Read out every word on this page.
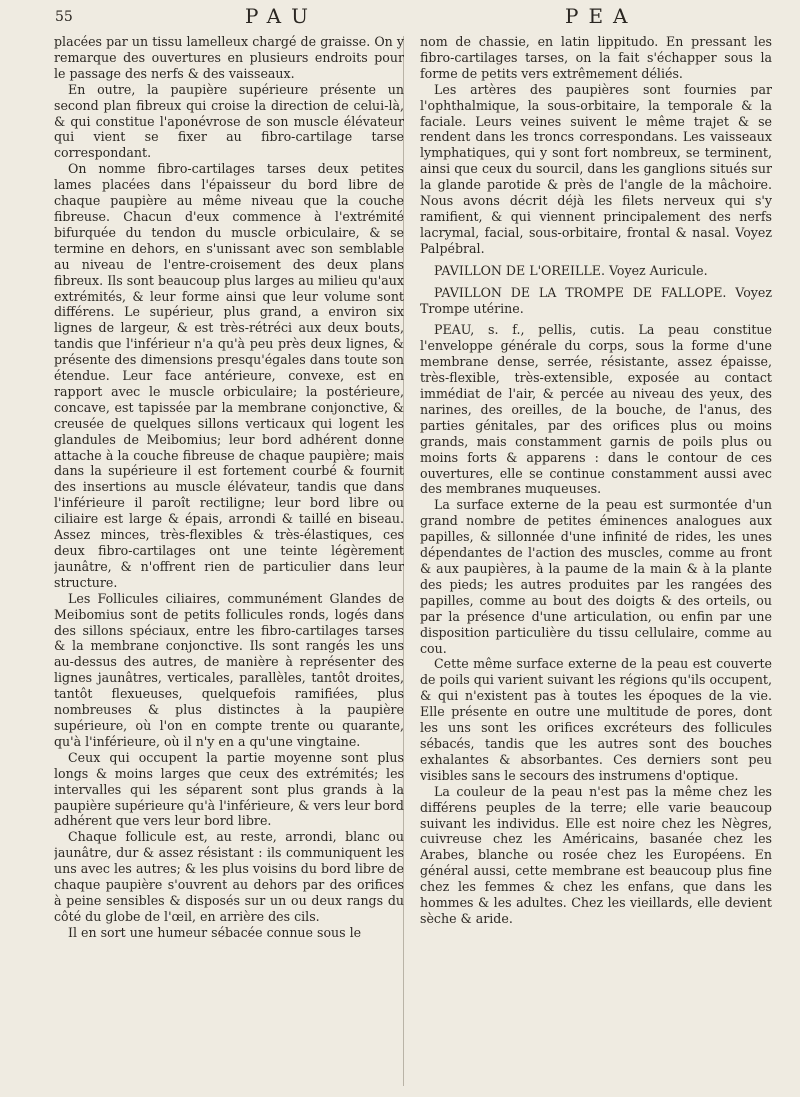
55	PAU	PEA

placées par un tissu lamelleux chargé de graisse. On y remarque des ouvertures en plusieurs endroits pour le passage des nerfs & des vaisseaux.

En outre, la paupière supérieure présente un second plan fibreux qui croise la direction de celui-là, & qui constitue l'aponévrose de son muscle élévateur qui vient se fixer au fibro-cartilage tarse correspondant.

On nomme fibro-cartilages tarses deux petites lames placées dans l'épaisseur du bord libre de chaque paupière au même niveau que la couche fibreuse. Chacun d'eux commence à l'extrémité bifurquée du tendon du muscle orbiculaire, & se termine en dehors, en s'unissant avec son semblable au niveau de l'entre-croisement des deux plans fibreux. Ils sont beaucoup plus larges au milieu qu'aux extrémités, & leur forme ainsi que leur volume sont différens. Le supérieur, plus grand, a environ six lignes de largeur, & est très-rétréci aux deux bouts, tandis que l'inférieur n'a qu'à peu près deux lignes, & présente des dimensions presqu'égales dans toute son étendue. Leur face antérieure, convexe, est en rapport avec le muscle orbiculaire; la postérieure, concave, est tapissée par la membrane conjonctive, & creusée de quelques sillons verticaux qui logent les glandules de Meibomius; leur bord adhérent donne attache à la couche fibreuse de chaque paupière; mais dans la supérieure il est fortement courbé & fournit des insertions au muscle élévateur, tandis que dans l'inférieure il paroît rectiligne; leur bord libre ou ciliaire est large & épais, arrondi & taillé en biseau. Assez minces, très-flexibles & très-élastiques, ces deux fibro-cartilages ont une teinte légèrement jaunâtre, & n'offrent rien de particulier dans leur structure.

Les Follicules ciliaires, communément Glandes de Meibomius sont de petits follicules ronds, logés dans des sillons spéciaux, entre les fibro-cartilages tarses & la membrane conjonctive. Ils sont rangés les uns au-dessus des autres, de manière à représenter des lignes jaunâtres, verticales, parallèles, tantôt droites, tantôt flexueuses, quelquefois ramifiées, plus nombreuses & plus distinctes à la paupière supérieure, où l'on en compte trente ou quarante, qu'à l'inférieure, où il n'y en a qu'une vingtaine.

Ceux qui occupent la partie moyenne sont plus longs & moins larges que ceux des extrémités; les intervalles qui les séparent sont plus grands à la paupière supérieure qu'à l'inférieure, & vers leur bord adhérent que vers leur bord libre.

Chaque follicule est, au reste, arrondi, blanc ou jaunâtre, dur & assez résistant : ils communiquent les uns avec les autres; & les plus voisins du bord libre de chaque paupière s'ouvrent au dehors par des orifices à peine sensibles & disposés sur un ou deux rangs du côté du globe de l'œil, en arrière des cils.

Il en sort une humeur sébacée connue sous le

nom de chassie, en latin lippitudo. En pressant les fibro-cartilages tarses, on la fait s'échapper sous la forme de petits vers extrêmement déliés.

Les artères des paupières sont fournies par l'ophthalmique, la sous-orbitaire, la temporale & la faciale. Leurs veines suivent le même trajet & se rendent dans les troncs correspondans. Les vaisseaux lymphatiques, qui y sont fort nombreux, se terminent, ainsi que ceux du sourcil, dans les ganglions situés sur la glande parotide & près de l'angle de la mâchoire. Nous avons décrit déjà les filets nerveux qui s'y ramifient, & qui viennent principalement des nerfs lacrymal, facial, sous-orbitaire, frontal & nasal. Voyez Palpébral.

PAVILLON DE L'OREILLE. Voyez Auricule.

PAVILLON DE LA TROMPE DE FALLOPE. Voyez Trompe utérine.

PEAU, s. f., pellis, cutis. La peau constitue l'enveloppe générale du corps, sous la forme d'une membrane dense, serrée, résistante, assez épaisse, très-flexible, très-extensible, exposée au contact immédiat de l'air, & percée au niveau des yeux, des narines, des oreilles, de la bouche, de l'anus, des parties génitales, par des orifices plus ou moins grands, mais constamment garnis de poils plus ou moins forts & apparens : dans le contour de ces ouvertures, elle se continue constamment aussi avec des membranes muqueuses.

La surface externe de la peau est surmontée d'un grand nombre de petites éminences analogues aux papilles, & sillonnée d'une infinité de rides, les unes dépendantes de l'action des muscles, comme au front & aux paupières, à la paume de la main & à la plante des pieds; les autres produites par les rangées des papilles, comme au bout des doigts & des orteils, ou par la présence d'une articulation, ou enfin par une disposition particulière du tissu cellulaire, comme au cou.

Cette même surface externe de la peau est couverte de poils qui varient suivant les régions qu'ils occupent, & qui n'existent pas à toutes les époques de la vie. Elle présente en outre une multitude de pores, dont les uns sont les orifices excréteurs des follicules sébacés, tandis que les autres sont des bouches exhalantes & absorbantes. Ces derniers sont peu visibles sans le secours des instrumens d'optique.

La couleur de la peau n'est pas la même chez les différens peuples de la terre; elle varie beaucoup suivant les individus. Elle est noire chez les Nègres, cuivreuse chez les Américains, basanée chez les Arabes, blanche ou rosée chez les Européens. En général aussi, cette membrane est beaucoup plus fine chez les femmes & chez les enfans, que dans les hommes & les adultes. Chez les vieillards, elle devient sèche & aride.
